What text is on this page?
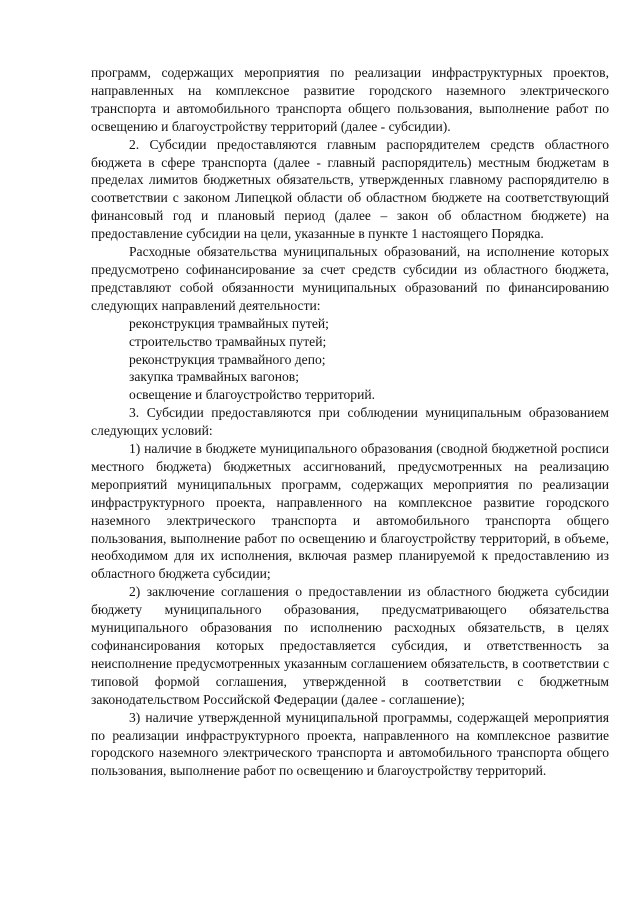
программ, содержащих мероприятия по реализации инфраструктурных проектов, направленных на комплексное развитие городского наземного электрического транспорта и автомобильного транспорта общего пользования, выполнение работ по освещению и благоустройству территорий (далее - субсидии).

2. Субсидии предоставляются главным распорядителем средств областного бюджета в сфере транспорта (далее - главный распорядитель) местным бюджетам в пределах лимитов бюджетных обязательств, утвержденных главному распорядителю в соответствии с законом Липецкой области об областном бюджете на соответствующий финансовый год и плановый период (далее – закон об областном бюджете) на предоставление субсидии на цели, указанные в пункте 1 настоящего Порядка.

Расходные обязательства муниципальных образований, на исполнение которых предусмотрено софинансирование за счет средств субсидии из областного бюджета, представляют собой обязанности муниципальных образований по финансированию следующих направлений деятельности:

реконструкция трамвайных путей;

строительство трамвайных путей;

реконструкция трамвайного депо;

закупка трамвайных вагонов;

освещение и благоустройство территорий.

3. Субсидии предоставляются при соблюдении муниципальным образованием следующих условий:

1) наличие в бюджете муниципального образования (сводной бюджетной росписи местного бюджета) бюджетных ассигнований, предусмотренных на реализацию мероприятий муниципальных программ, содержащих мероприятия по реализации инфраструктурного проекта, направленного на комплексное развитие городского наземного электрического транспорта и автомобильного транспорта общего пользования, выполнение работ по освещению и благоустройству территорий, в объеме, необходимом для их исполнения, включая размер планируемой к предоставлению из областного бюджета субсидии;

2) заключение соглашения о предоставлении из областного бюджета субсидии бюджету муниципального образования, предусматривающего обязательства муниципального образования по исполнению расходных обязательств, в целях софинансирования которых предоставляется субсидия, и ответственность за неисполнение предусмотренных указанным соглашением обязательств, в соответствии с типовой формой соглашения, утвержденной в соответствии с бюджетным законодательством Российской Федерации (далее - соглашение);

3) наличие утвержденной муниципальной программы, содержащей мероприятия по реализации инфраструктурного проекта, направленного на комплексное развитие городского наземного электрического транспорта и автомобильного транспорта общего пользования, выполнение работ по освещению и благоустройству территорий.
